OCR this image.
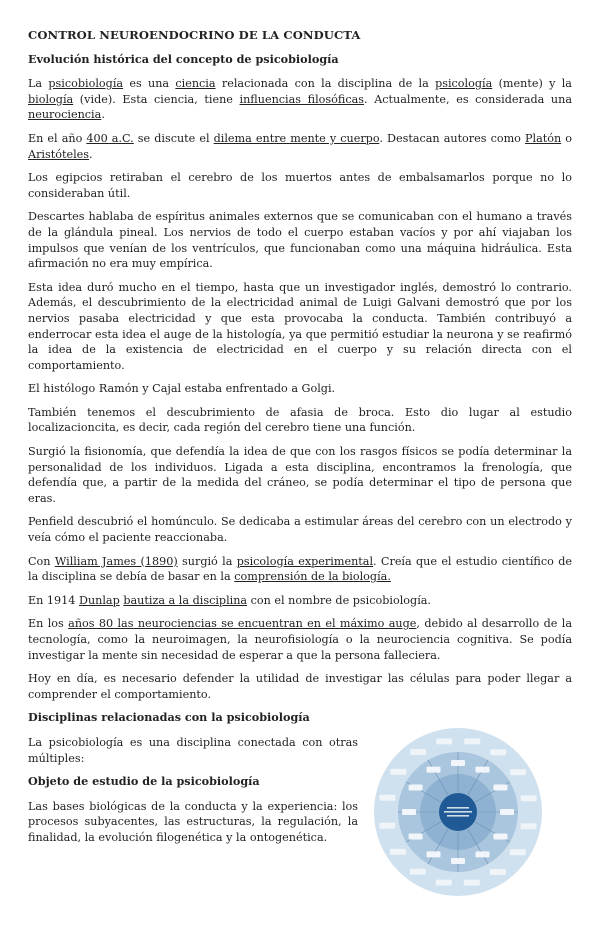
CONTROL NEUROENDOCRINO DE LA CONDUCTA
Evolución histórica del concepto de psicobiología

La psicobiología es una ciencia relacionada con la disciplina de la psicología (mente) y la biología (vide). Esta ciencia, tiene influencias filosóficas. Actualmente, es considerada una neurociencia.

En el año 400 a.C. se discute el dilema entre mente y cuerpo. Destacan autores como Platón o Aristóteles.

Los egipcios retiraban el cerebro de los muertos antes de embalsamarlos porque no lo consideraban útil.

Descartes hablaba de espíritus animales externos que se comunicaban con el humano a través de la glándula pineal. Los nervios de todo el cuerpo estaban vacíos y por ahí viajaban los impulsos que venían de los ventrículos, que funcionaban como una máquina hidráulica. Esta afirmación no era muy empírica.

Esta idea duró mucho en el tiempo, hasta que un investigador inglés, demostró lo contrario. Además, el descubrimiento de la electricidad animal de Luigi Galvani demostró que por los nervios pasaba electricidad y que esta provocaba la conducta. También contribuyó a enderrocar esta idea el auge de la histología, ya que permitió estudiar la neurona y se reafirmó la idea de la existencia de electricidad en el cuerpo y su relación directa con el comportamiento.

El histólogo Ramón y Cajal estaba enfrentado a Golgi.

También tenemos el descubrimiento de afasia de broca. Esto dio lugar al estudio localizacioncita, es decir, cada región del cerebro tiene una función.

Surgió la fisionomía, que defendía la idea de que con los rasgos físicos se podía determinar la personalidad de los individuos. Ligada a esta disciplina, encontramos la frenología, que defendía que, a partir de la medida del cráneo, se podía determinar el tipo de persona que eras.

Penfield descubrió el homúnculo. Se dedicaba a estimular áreas del cerebro con un electrodo y veía cómo el paciente reaccionaba.

Con William James (1890) surgió la psicología experimental. Creía que el estudio científico de la disciplina se debía de basar en la comprensión de la biología.

En 1914 Dunlap bautiza a la disciplina con el nombre de psicobiología.

En los años 80 las neurociencias se encuentran en el máximo auge, debido al desarrollo de la tecnología, como la neuroimagen, la neurofisiología o la neurociencia cognitiva. Se podía investigar la mente sin necesidad de esperar a que la persona falleciera.

Hoy en día, es necesario defender la utilidad de investigar las células para poder llegar a comprender el comportamiento.

Disciplinas relacionadas con la psicobiología

La psicobiología es una disciplina conectada con otras múltiples:

Objeto de estudio de la psicobiología

Las bases biológicas de la conducta y la experiencia: los procesos subyacentes, las estructuras, la regulación, la finalidad, la evolución filogenética y la ontogenética.
